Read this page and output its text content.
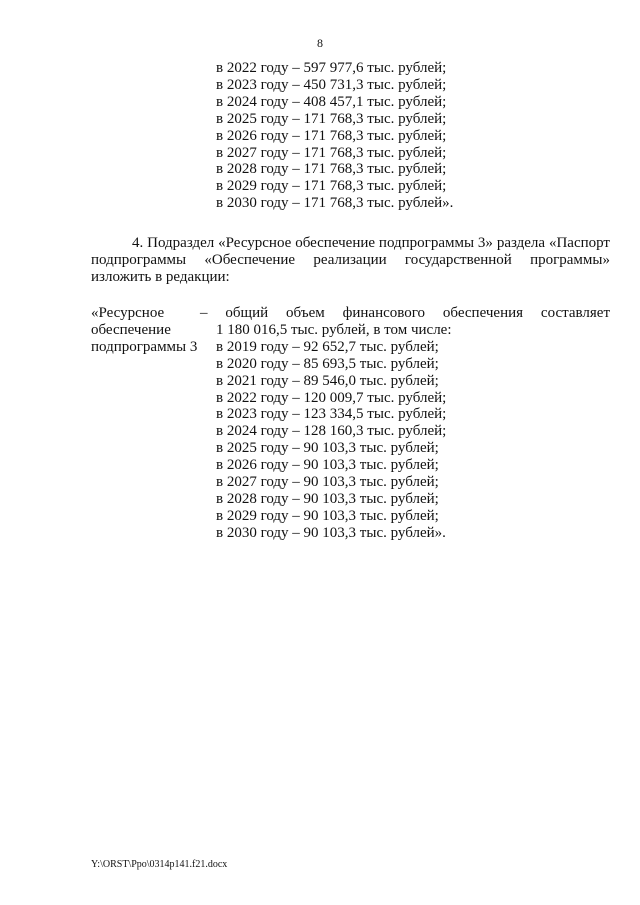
8
в 2022 году – 597 977,6 тыс. рублей;
в 2023 году – 450 731,3 тыс. рублей;
в 2024 году – 408 457,1 тыс. рублей;
в 2025 году – 171 768,3 тыс. рублей;
в 2026 году – 171 768,3 тыс. рублей;
в 2027 году – 171 768,3 тыс. рублей;
в 2028 году – 171 768,3 тыс. рублей;
в 2029 году – 171 768,3 тыс. рублей;
в 2030 году – 171 768,3 тыс. рублей».
4. Подраздел «Ресурсное обеспечение подпрограммы 3» раздела «Паспорт
подпрограммы «Обеспечение реализации государственной программы»
изложить в редакции:
«Ресурсное
обеспечение
подпрограммы 3
– общий объем финансового обеспечения составляет
1 180 016,5 тыс. рублей, в том числе:
в 2019 году – 92 652,7 тыс. рублей;
в 2020 году – 85 693,5 тыс. рублей;
в 2021 году – 89 546,0 тыс. рублей;
в 2022 году – 120 009,7 тыс. рублей;
в 2023 году – 123 334,5 тыс. рублей;
в 2024 году – 128 160,3 тыс. рублей;
в 2025 году – 90 103,3 тыс. рублей;
в 2026 году – 90 103,3 тыс. рублей;
в 2027 году – 90 103,3 тыс. рублей;
в 2028 году – 90 103,3 тыс. рублей;
в 2029 году – 90 103,3 тыс. рублей;
в 2030 году – 90 103,3 тыс. рублей».
Y:\ORST\Ppo\0314p141.f21.docx
